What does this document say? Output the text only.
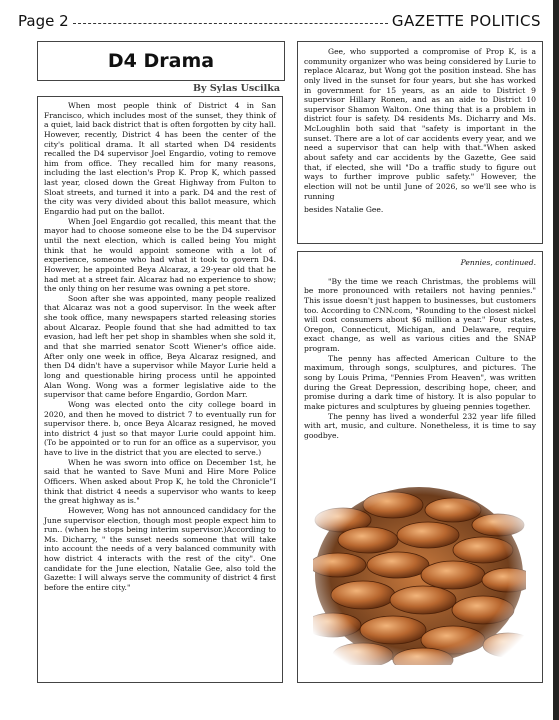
Page 2	GAZETTE POLITICS
D4 Drama
By Sylas Uscilka

When most people think of District 4 in San Francisco, which includes most of the sunset, they think of a quiet, laid back district that is often forgotten by city hall. However, recently, District 4 has been the center of the city's political drama. It all started when D4 residents recalled the D4 supervisor Joel Engardio, voting to remove him from office. They recalled him for many reasons, including the last election's Prop K. Prop K, which passed last year, closed down the Great Highway from Fulton to Sloat streets, and turned it into a park. D4 and the rest of the city was very divided about this ballot measure, which Engardio had put on the ballot.

When Joel Engardio got recalled, this meant that the mayor had to choose someone else to be the D4 supervisor until the next election, which is called being You might think that he would appoint someone with a lot of experience, someone who had what it took to govern D4. However, he appointed Beya Alcaraz, a 29-year old that he had met at a street fair. Alcaraz had no experience to show; the only thing on her resume was owning a pet store.

Soon after she was appointed, many people realized that Alcaraz was not a good supervisor. In the week after she took office, many newspapers started releasing stories about Alcaraz. People found that she had admitted to tax evasion, had left her pet shop in shambles when she sold it, and that she married senator Scott Wiener's office aide. After only one week in office, Beya Alcaraz resigned, and then D4 didn't have a supervisor while Mayor Lurie held a long and questionable hiring process until he appointed Alan Wong. Wong was a former legislative aide to the supervisor that came before Engardio, Gordon Marr.

Wong was elected onto the city college board in 2020, and then he moved to district 7 to eventually run for supervisor there. b, once Beya Alcaraz resigned, he moved into district 4 just so that mayor Lurie could appoint him. (To be appointed or to run for an office as a supervisor, you have to live in the district that you are elected to serve.)

When he was sworn into office on December 1st, he said that he wanted to Save Muni and Hire More Police Officers. When asked about Prop K, he told the Chronicle"I think that district 4 needs a supervisor who wants to keep the great highway as is."

However, Wong has not announced candidacy for the June supervisor election, though most people expect him to run.. (when he stops being interim supervisor.)According to Ms. Dicharry, " the sunset needs someone that will take into account the needs of a very balanced community with how district 4 interacts with the rest of the city". One candidate for the June election, Natalie Gee, also told the Gazette: I will always serve the community of district 4 first before the entire city."

Gee, who supported a compromise of Prop K, is a community organizer who was being considered by Lurie to replace Alcaraz, but Wong got the position instead. She has only lived in the sunset for four years, but she has worked in government for 15 years, as an aide to District 9 supervisor Hillary Ronen, and as an aide to District 10 supervisor Shamon Walton. One thing that is a problem in district four is safety. D4 residents Ms. Dicharry and Ms. McLoughlin both said that "safety is important in the sunset. There are a lot of car accidents every year, and we need a supervisor that can help with that."When asked about safety and car accidents by the Gazette, Gee said that, if elected, she will "Do a traffic study to figure out ways to further improve public safety." However, the election will not be until June of 2026, so we'll see who is running

besides Natalie Gee.

Pennies, continued.

"By the time we reach Christmas, the problems will be more pronounced with retailers not having pennies." This issue doesn't just happen to businesses, but customers too. According to CNN.com, "Rounding to the closest nickel will cost consumers about $6 million a year." Four states, Oregon, Connecticut, Michigan, and Delaware, require exact change, as well as various cities and the SNAP program.

The penny has affected American Culture to the maximum, through songs, sculptures, and pictures. The song by Louis Prima, "Pennies From Heaven", was written during the Great Depression, describing hope, cheer, and promise during a dark time of history. It is also popular to make pictures and sculptures by glueing pennies together.

The penny has lived a wonderful 232 year life filled with art, music, and culture. Nonetheless, it is time to say goodbye.
